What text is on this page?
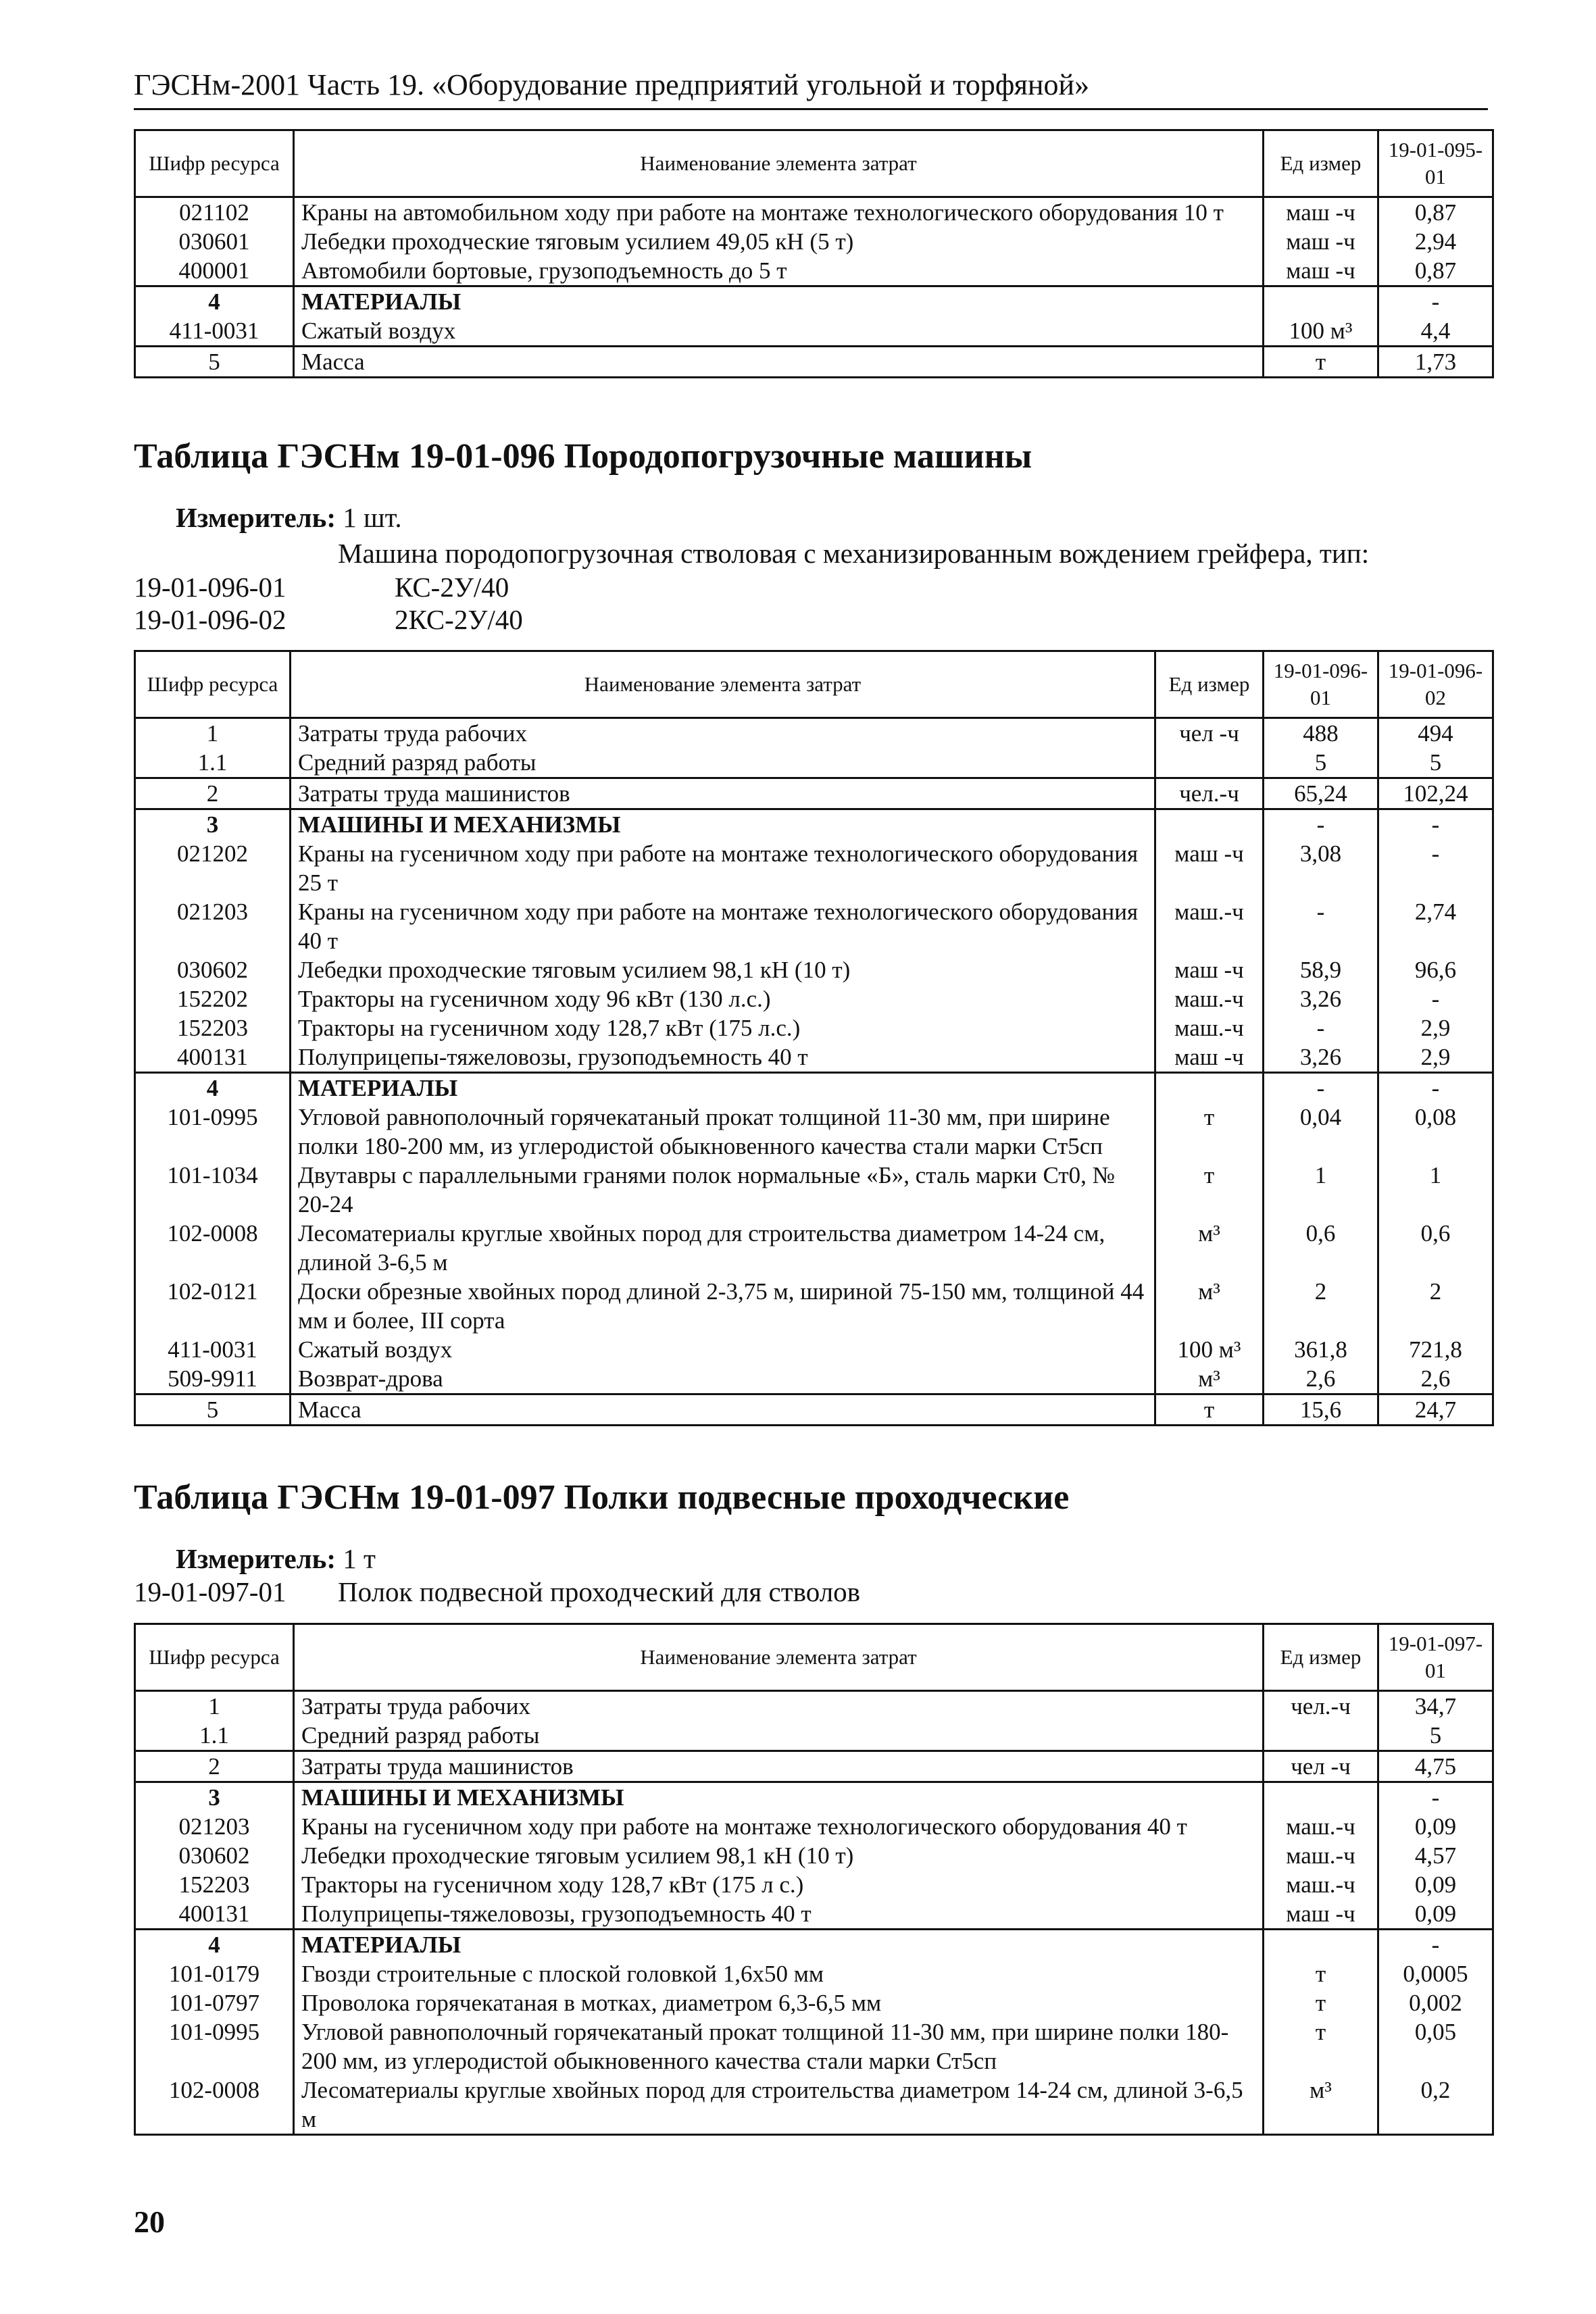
ГЭСНм-2001 Часть 19. «Оборудование предприятий угольной и торфяной»
Шифр ресурса	Наименование элемента затрат	Ед измер	19-01-095-01
021102	Краны на автомобильном ходу при работе на монтаже технологического оборудования 10 т	маш -ч	0,87
030601	Лебедки проходческие тяговым усилием 49,05 кН (5 т)	маш -ч	2,94
400001	Автомобили бортовые, грузоподъемность до 5 т	маш -ч	0,87
4	МАТЕРИАЛЫ		-
411-0031	Сжатый воздух	100 м³	4,4
5	Масса	т	1,73
Таблица ГЭСНм 19-01-096 Породопогрузочные машины
Измеритель: 1 шт.
Машина породопогрузочная стволовая с механизированным вождением грейфера, тип:
19-01-096-01	КС-2У/40
19-01-096-02	2КС-2У/40
Шифр ресурса	Наименование элемента затрат	Ед измер	19-01-096-01	19-01-096-02
1	Затраты труда рабочих	чел -ч	488	494
1.1	Средний разряд работы		5	5
2	Затраты труда машинистов	чел.-ч	65,24	102,24
3	МАШИНЫ И МЕХАНИЗМЫ		-	-
021202	Краны на гусеничном ходу при работе на монтаже технологического оборудования 25 т	маш -ч	3,08	-
021203	Краны на гусеничном ходу при работе на монтаже технологического оборудования 40 т	маш.-ч	-	2,74
030602	Лебедки проходческие тяговым усилием 98,1 кН (10 т)	маш -ч	58,9	96,6
152202	Тракторы на гусеничном ходу 96 кВт (130 л.с.)	маш.-ч	3,26	-
152203	Тракторы на гусеничном ходу 128,7 кВт (175 л.с.)	маш.-ч	-	2,9
400131	Полуприцепы-тяжеловозы, грузоподъемность 40 т	маш -ч	3,26	2,9
4	МАТЕРИАЛЫ		-	-
101-0995	Угловой равнополочный горячекатаный прокат толщиной 11-30 мм, при ширине полки 180-200 мм, из углеродистой обыкновенного качества стали марки Ст5сп	т	0,04	0,08
101-1034	Двутавры с параллельными гранями полок нормальные «Б», сталь марки Ст0, № 20-24	т	1	1
102-0008	Лесоматериалы круглые хвойных пород для строительства диаметром 14-24 см, длиной 3-6,5 м	м³	0,6	0,6
102-0121	Доски обрезные хвойных пород длиной 2-3,75 м, шириной 75-150 мм, толщиной 44 мм и более, III сорта	м³	2	2
411-0031	Сжатый воздух	100 м³	361,8	721,8
509-9911	Возврат-дрова	м³	2,6	2,6
5	Масса	т	15,6	24,7
Таблица ГЭСНм 19-01-097 Полки подвесные проходческие
Измеритель: 1 т
19-01-097-01 Полок подвесной проходческий для стволов
Шифр ресурса	Наименование элемента затрат	Ед измер	19-01-097-01
1	Затраты труда рабочих	чел.-ч	34,7
1.1	Средний разряд работы		5
2	Затраты труда машинистов	чел -ч	4,75
3	МАШИНЫ И МЕХАНИЗМЫ		-
021203	Краны на гусеничном ходу при работе на монтаже технологического оборудования 40 т	маш.-ч	0,09
030602	Лебедки проходческие тяговым усилием 98,1 кН (10 т)	маш.-ч	4,57
152203	Тракторы на гусеничном ходу 128,7 кВт (175 л с.)	маш.-ч	0,09
400131	Полуприцепы-тяжеловозы, грузоподъемность 40 т	маш -ч	0,09
4	МАТЕРИАЛЫ		-
101-0179	Гвозди строительные с плоской головкой 1,6х50 мм	т	0,0005
101-0797	Проволока горячекатаная в мотках, диаметром 6,3-6,5 мм	т	0,002
101-0995	Угловой равнополочный горячекатаный прокат толщиной 11-30 мм, при ширине полки 180-200 мм, из углеродистой обыкновенного качества стали марки Ст5сп	т	0,05
102-0008	Лесоматериалы круглые хвойных пород для строительства диаметром 14-24 см, длиной 3-6,5 м	м³	0,2
20
